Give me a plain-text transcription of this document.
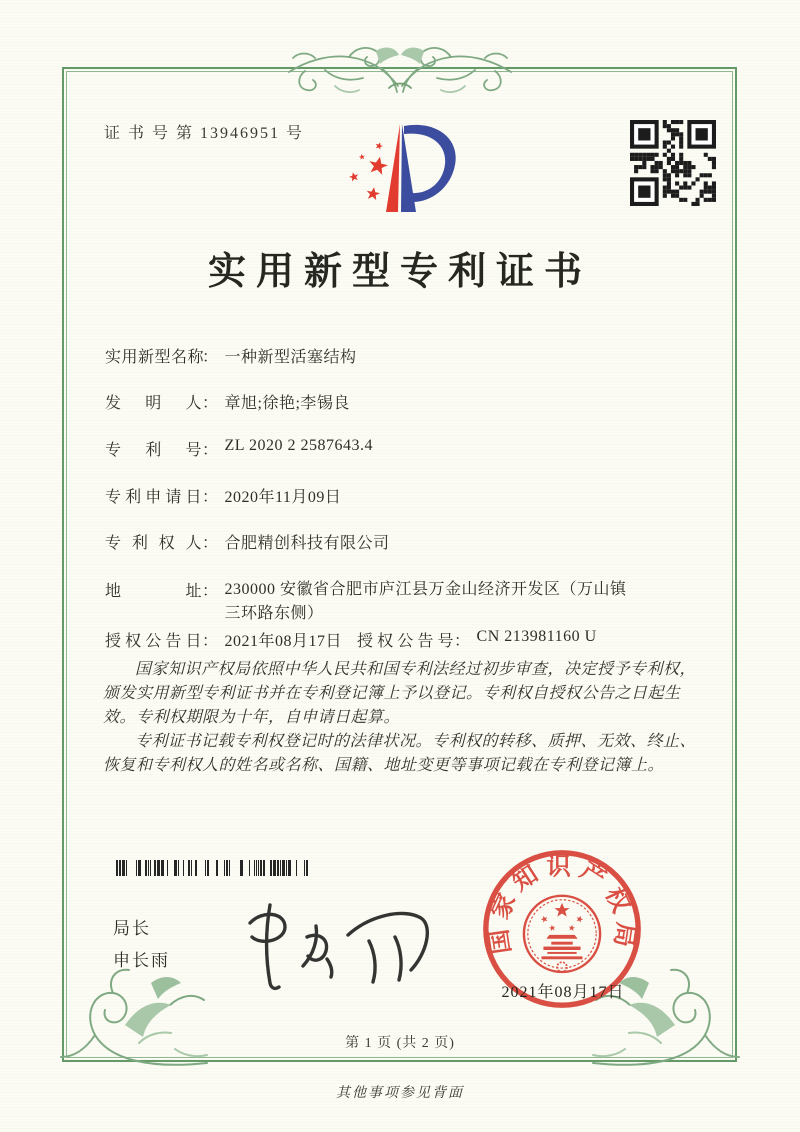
证 书 号 第 13946951 号
实用新型专利证书
实用新型名称： 一种新型活塞结构
发明人： 章旭;徐艳;李锡良
专利号： ZL 2020 2 2587643.4
专利申请日： 2020年11月09日
专利权人： 合肥精创科技有限公司
地址： 230000 安徽省合肥市庐江县万金山经济开发区（万山镇
三环路东侧）
授权公告日： 2021年08月17日 授权公告号： CN 213981160 U

国家知识产权局依照中华人民共和国专利法经过初步审查，决定授予专利权，颁发实用新型专利证书并在专利登记簿上予以登记。专利权自授权公告之日起生效。专利权期限为十年，自申请日起算。

专利证书记载专利权登记时的法律状况。专利权的转移、质押、无效、终止、恢复和专利权人的姓名或名称、国籍、地址变更等事项记载在专利登记簿上。

局长
申长雨
国家知识产权局
2021年08月17日
第 1 页 (共 2 页)
其他事项参见背面
